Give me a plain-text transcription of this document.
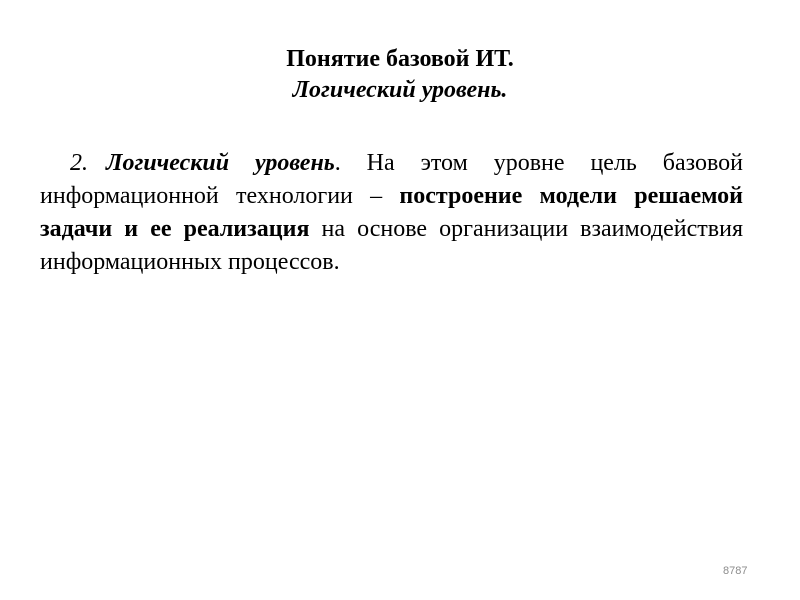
Понятие базовой ИТ.
Логический уровень.

2. Логический уровень. На этом уровне цель базовой информационной технологии – построение модели решаемой задачи и ее реализация на основе организации взаимодействия информационных процессов.

8787
